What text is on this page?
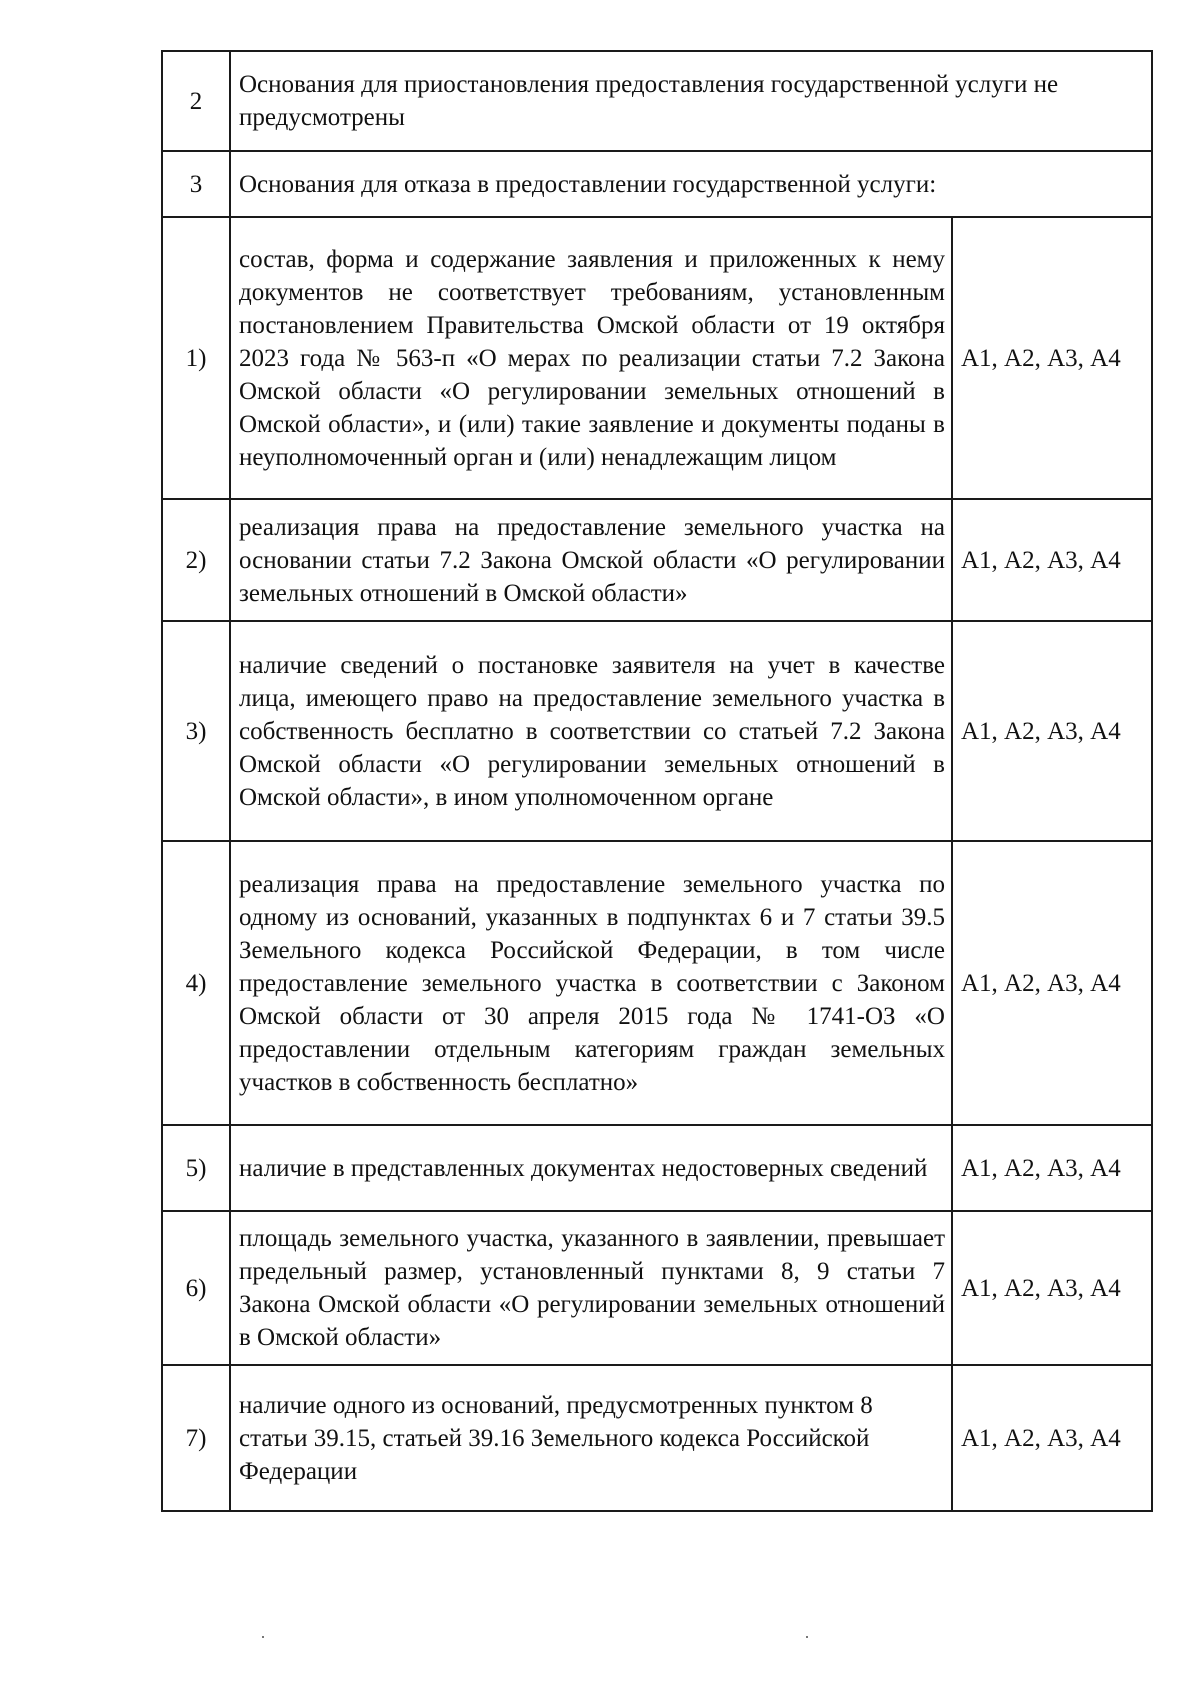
2	Основания для приостановления предоставления государственной услуги не предусмотрены	
3	Основания для отказа в предоставлении государственной услуги:	
1)	состав, форма и содержание заявления и приложенных к нему документов не соответствует требованиям, установленным постановлением Правительства Омской области от 19 октября 2023 года № 563-п «О мерах по реализации статьи 7.2 Закона Омской области «О регулировании земельных отношений в Омской области», и (или) такие заявление и документы поданы в неуполномоченный орган и (или) ненадлежащим лицом	А1, А2, А3, А4
2)	реализация права на предоставление земельного участка на основании статьи 7.2 Закона Омской области «О регулировании земельных отношений в Омской области»	А1, А2, А3, А4
3)	наличие сведений о постановке заявителя на учет в качестве лица, имеющего право на предоставление земельного участка в собственность бесплатно в соответствии со статьей 7.2 Закона Омской области «О регулировании земельных отношений в Омской области», в ином уполномоченном органе	А1, А2, А3, А4
4)	реализация права на предоставление земельного участка по одному из оснований, указанных в подпунктах 6 и 7 статьи 39.5 Земельного кодекса Российской Федерации, в том числе предоставление земельного участка в соответствии с Законом Омской области от 30 апреля 2015 года № 1741-ОЗ «О предоставлении отдельным категориям граждан земельных участков в собственность бесплатно»	А1, А2, А3, А4
5)	наличие в представленных документах недостоверных сведений	А1, А2, А3, А4
6)	площадь земельного участка, указанного в заявлении, превышает предельный размер, установленный пунктами 8, 9 статьи 7 Закона Омской области «О регулировании земельных отношений в Омской области»	А1, А2, А3, А4
7)	наличие одного из оснований, предусмотренных пунктом 8 статьи 39.15, статьей 39.16 Земельного кодекса Российской Федерации	А1, А2, А3, А4
